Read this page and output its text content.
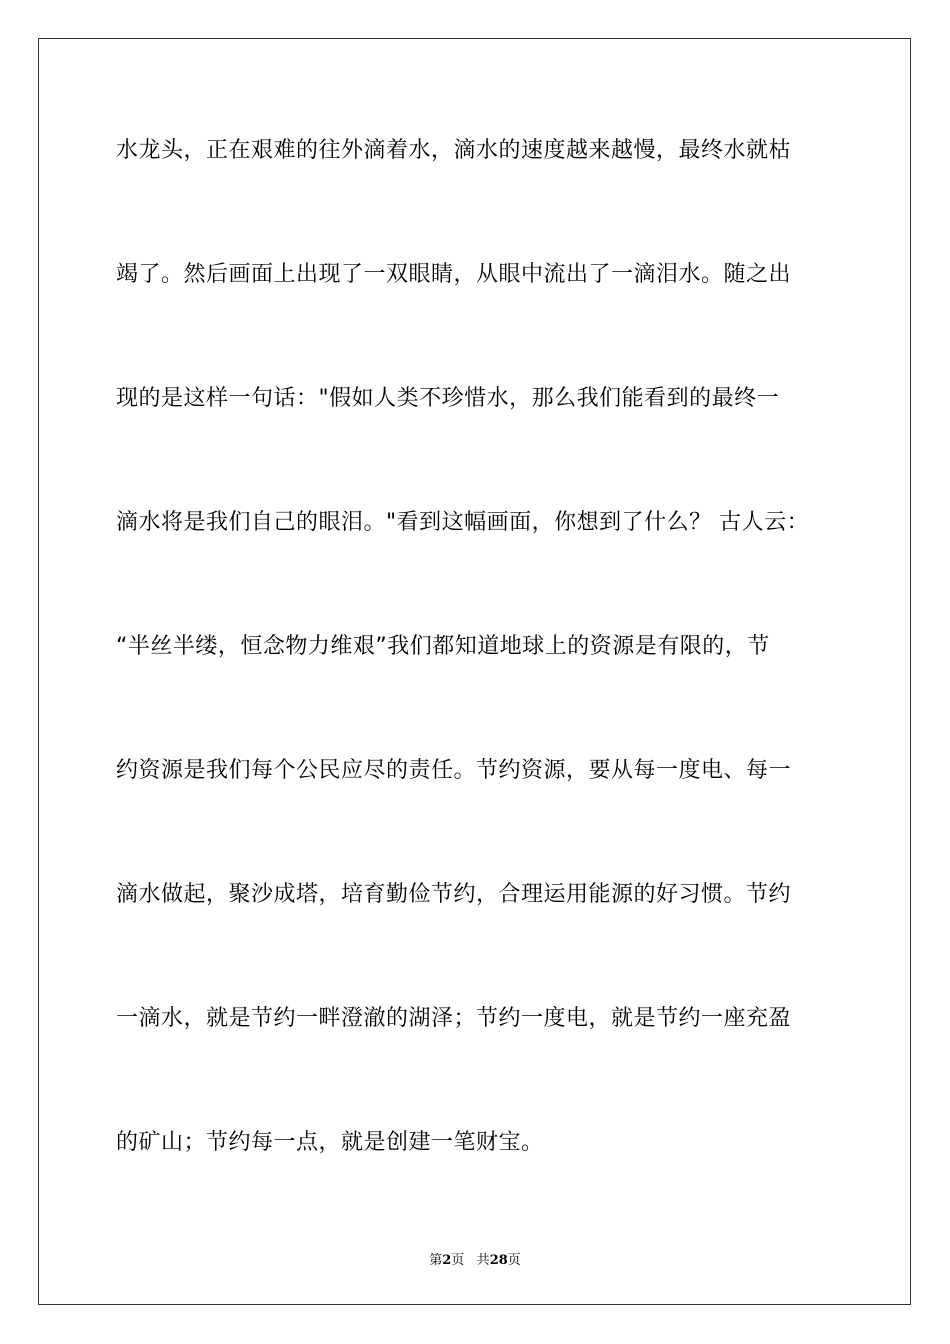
水龙头，正在艰难的往外滴着水，滴水的速度越来越慢，最终水就枯
竭了。然后画面上出现了一双眼睛，从眼中流出了一滴泪水。随之出
现的是这样一句话："假如人类不珍惜水，那么我们能看到的最终一
滴水将是我们自己的眼泪。"看到这幅画面，你想到了什么？ 古人云：
“半丝半缕，恒念物力维艰”我们都知道地球上的资源是有限的，节
约资源是我们每个公民应尽的责任。节约资源，要从每一度电、每一
滴水做起，聚沙成塔，培育勤俭节约，合理运用能源的好习惯。节约
一滴水，就是节约一畔澄澈的湖泽；节约一度电，就是节约一座充盈
的矿山；节约每一点，就是创建一笔财宝。
第2页 共28页
